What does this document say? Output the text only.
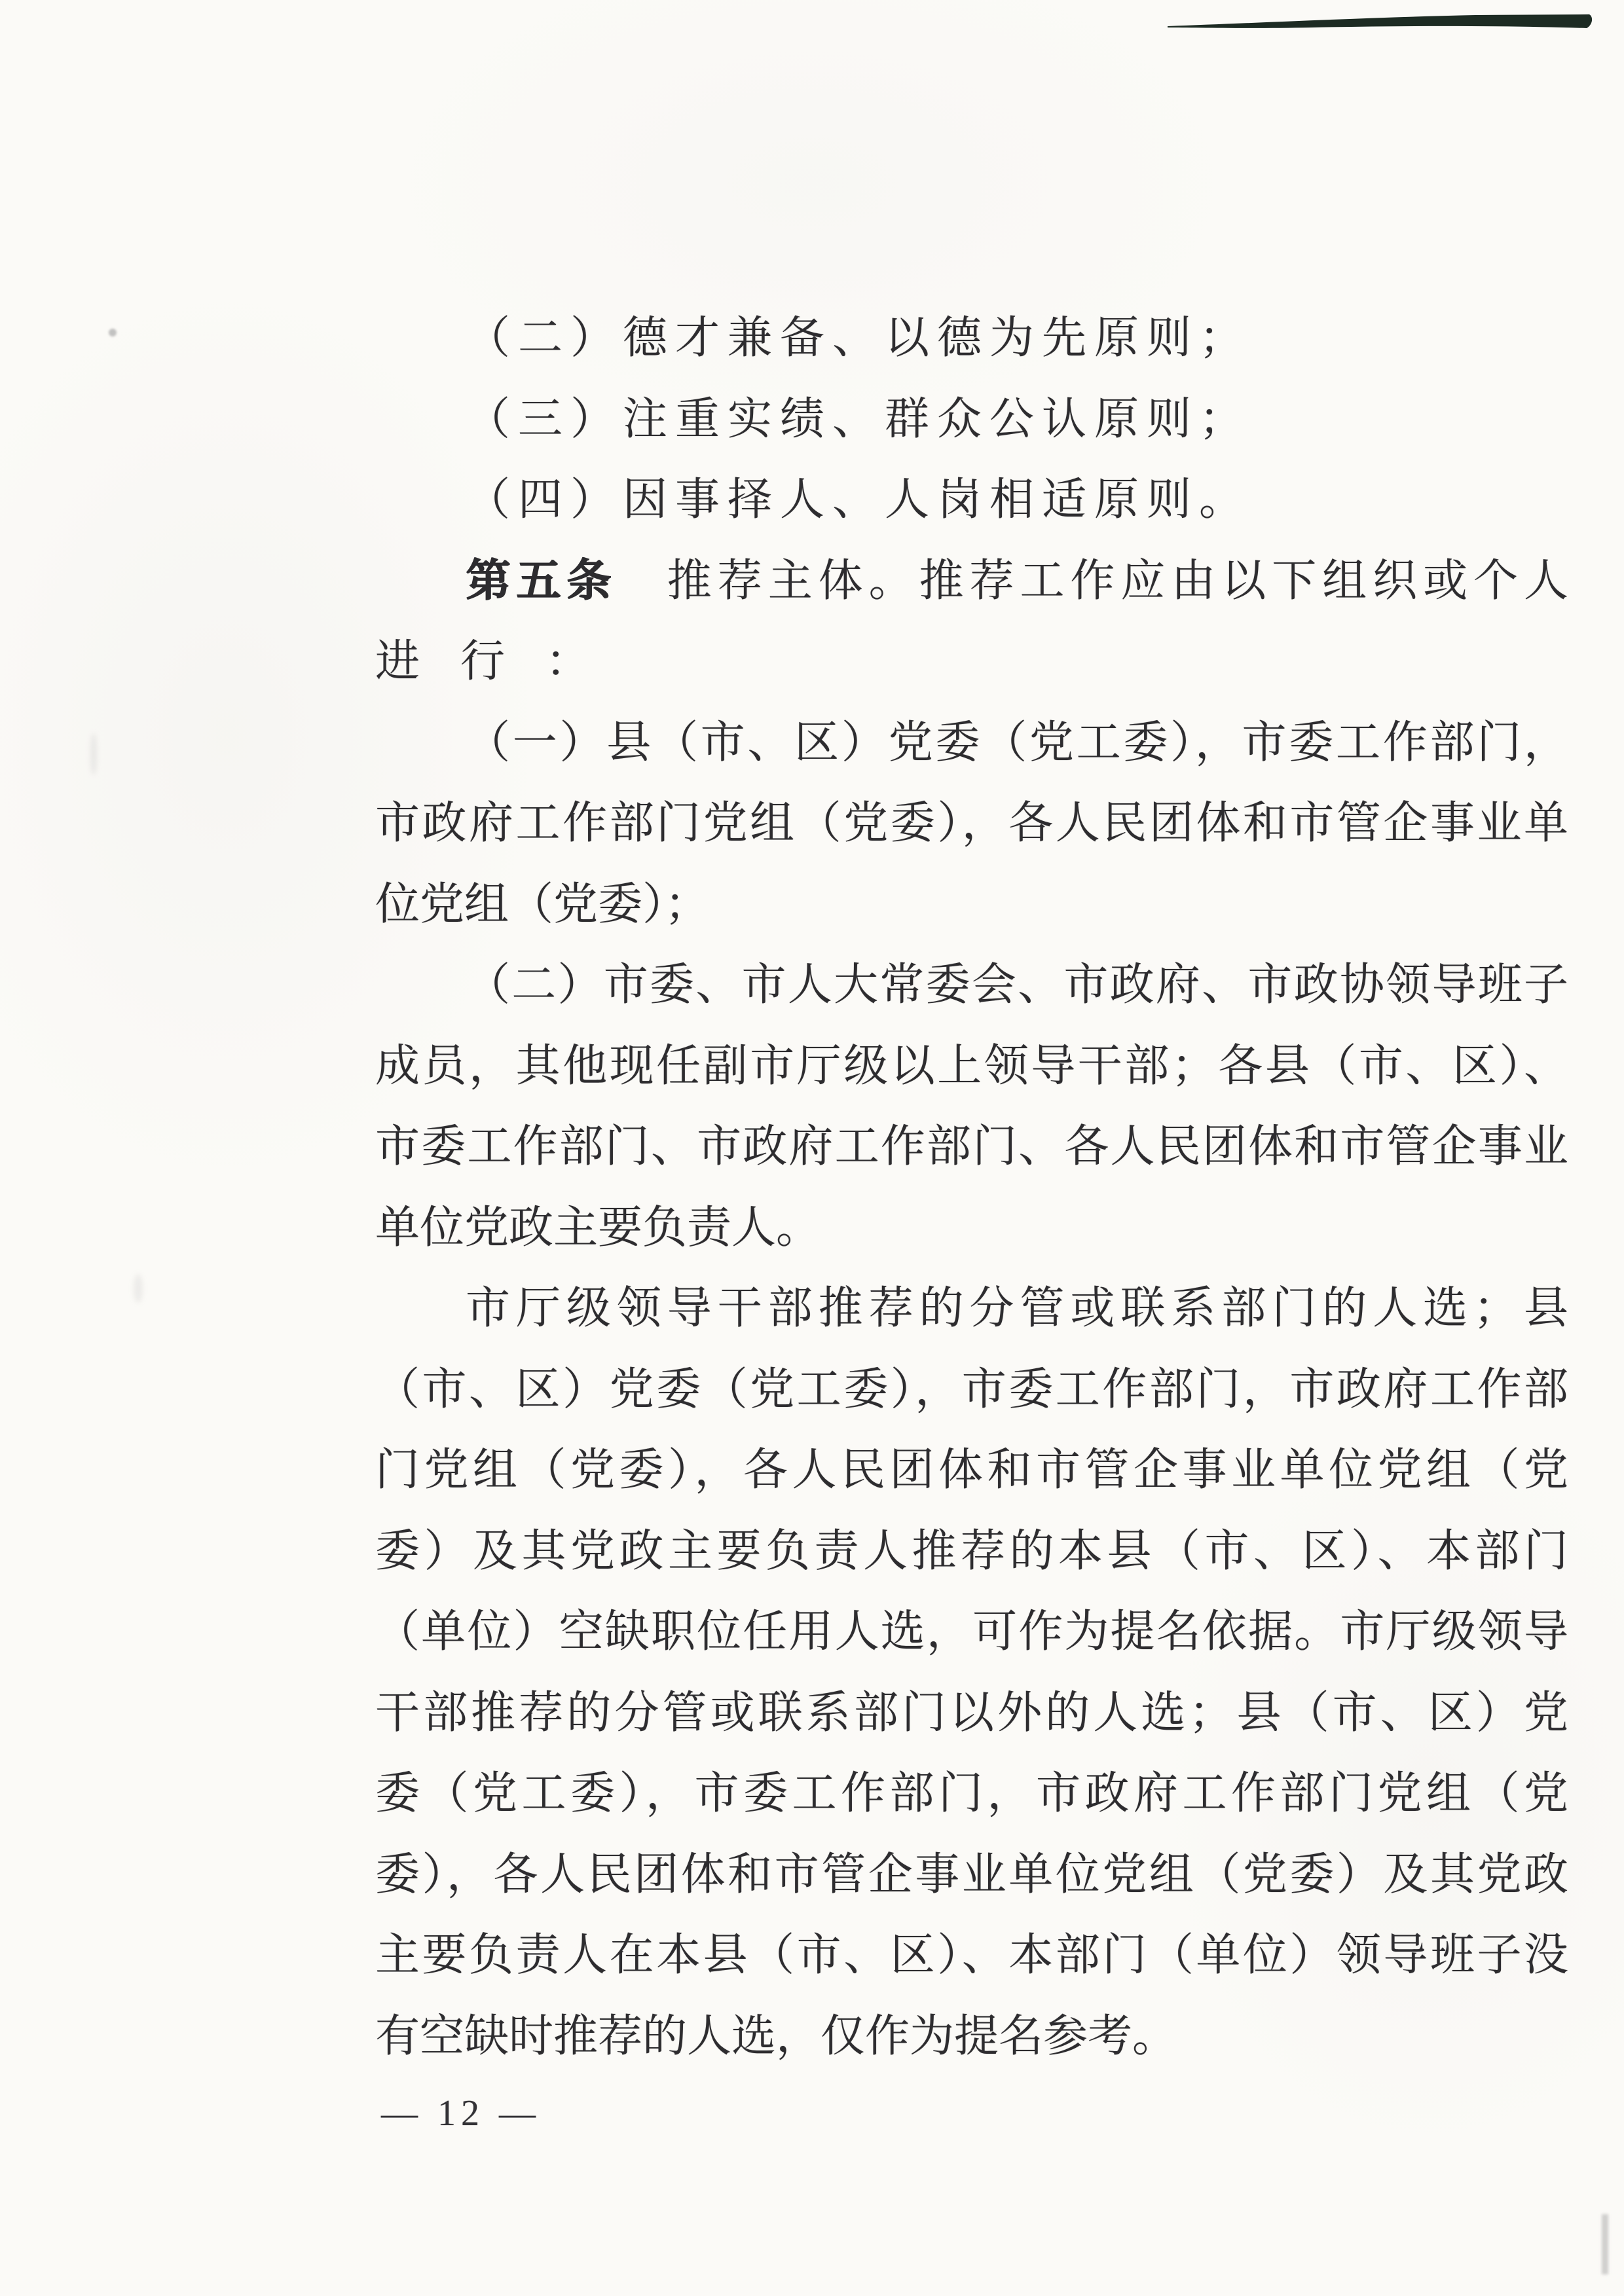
（二）德才兼备、以德为先原则；
（三）注重实绩、群众公认原则；
（四）因事择人、人岗相适原则。
第五条　推荐主体。推荐工作应由以下组织或个人
进行：
（一）县（市、区）党委（党工委），市委工作部门，
市政府工作部门党组（党委），各人民团体和市管企事业单
位党组（党委）；
（二）市委、市人大常委会、市政府、市政协领导班子
成员，其他现任副市厅级以上领导干部；各县（市、区）、
市委工作部门、市政府工作部门、各人民团体和市管企事业
单位党政主要负责人。
市厅级领导干部推荐的分管或联系部门的人选；县
（市、区）党委（党工委），市委工作部门，市政府工作部
门党组（党委），各人民团体和市管企事业单位党组（党
委）及其党政主要负责人推荐的本县（市、区）、本部门
（单位）空缺职位任用人选，可作为提名依据。市厅级领导
干部推荐的分管或联系部门以外的人选；县（市、区）党
委（党工委），市委工作部门，市政府工作部门党组（党
委），各人民团体和市管企事业单位党组（党委）及其党政
主要负责人在本县（市、区）、本部门（单位）领导班子没
有空缺时推荐的人选，仅作为提名参考。
— 12 —
